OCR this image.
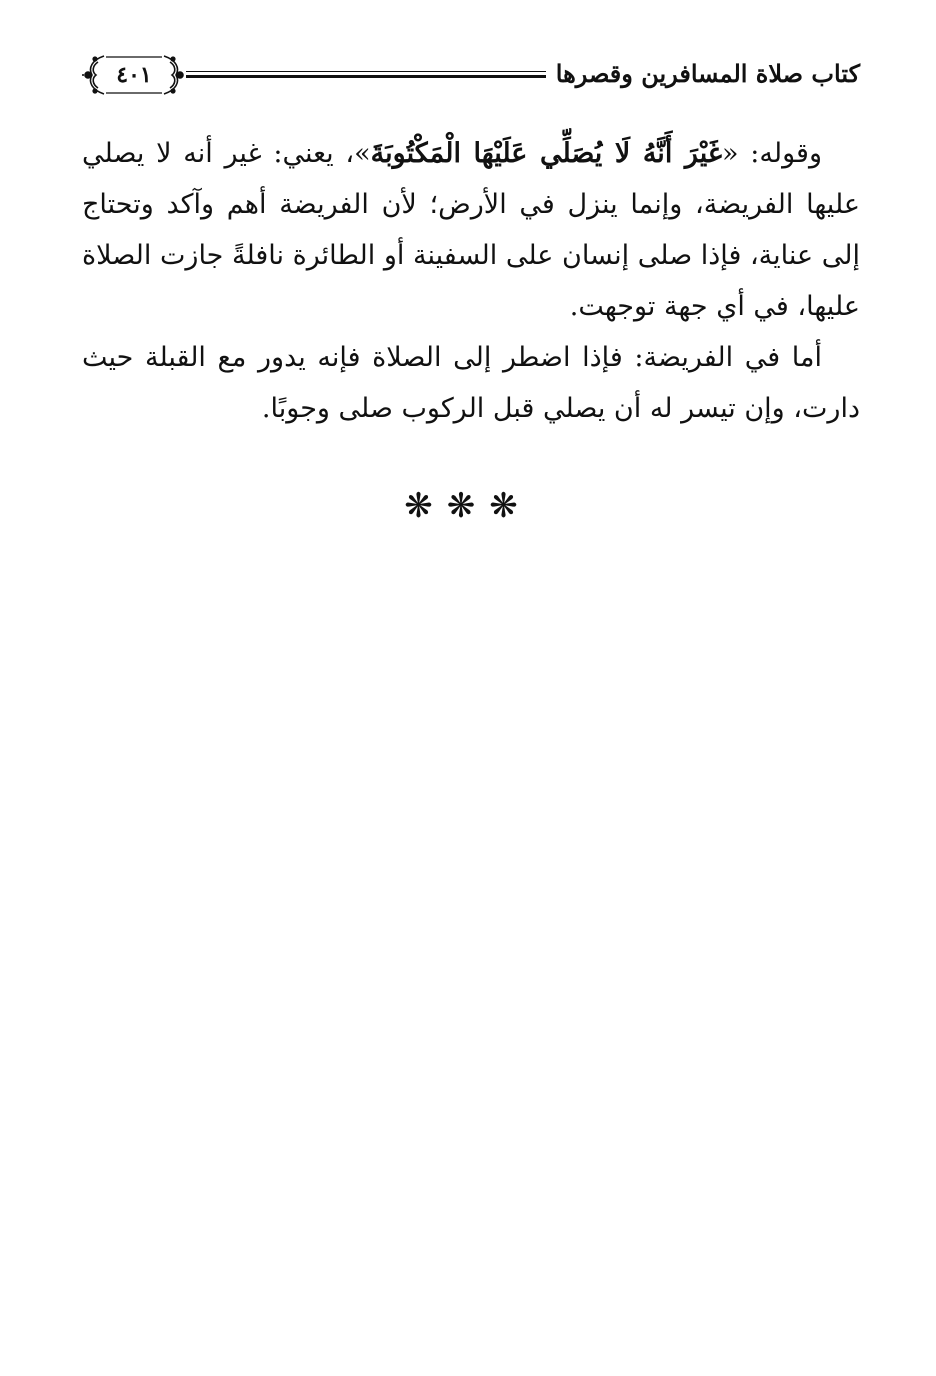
كتاب صلاة المسافرين وقصرها
٤٠١

وقوله: «غَيْرَ أَنَّهُ لَا يُصَلِّي عَلَيْهَا الْمَكْتُوبَةَ»، يعني: غير أنه لا يصلي عليها الفريضة، وإنما ينزل في الأرض؛ لأن الفريضة أهم وآكد وتحتاج إلى عناية، فإذا صلى إنسان على السفينة أو الطائرة نافلةً جازت الصلاة عليها، في أي جهة توجهت.

أما في الفريضة: فإذا اضطر إلى الصلاة فإنه يدور مع القبلة حيث دارت، وإن تيسر له أن يصلي قبل الركوب صلى وجوبًا.

❋❋❋
